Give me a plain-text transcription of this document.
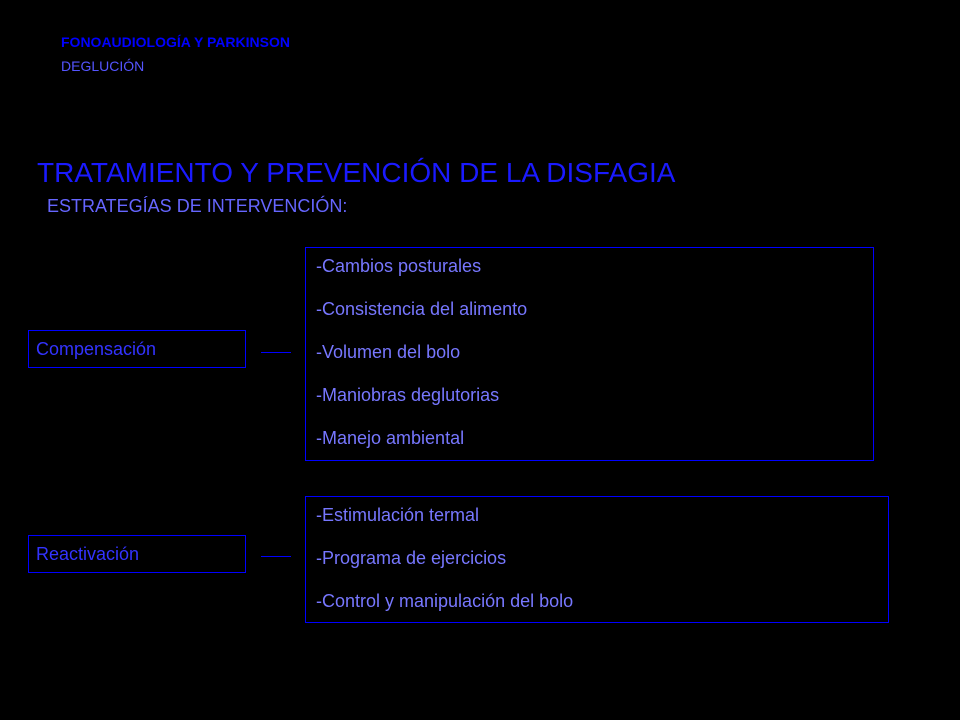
FONOAUDIOLOGÍA Y PARKINSON
DEGLUCIÓN
TRATAMIENTO Y PREVENCIÓN DE LA DISFAGIA
ESTRATEGÍAS DE INTERVENCIÓN:
Compensación
-Cambios posturales
-Consistencia del alimento
-Volumen del bolo
-Maniobras deglutorias
-Manejo ambiental
Reactivación
-Estimulación termal
-Programa de ejercicios
-Control y manipulación del bolo
